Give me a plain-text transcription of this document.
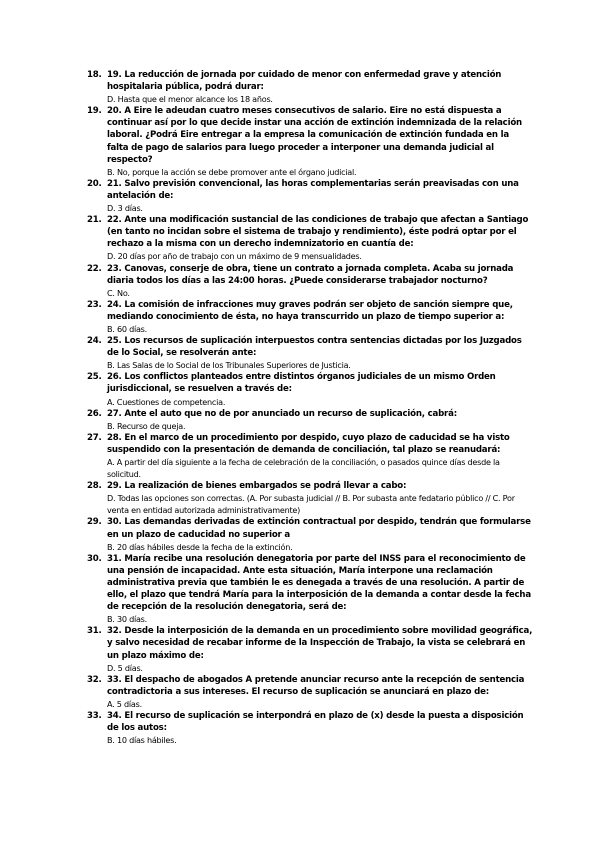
18. 19. La reducción de jornada por cuidado de menor con enfermedad grave y atención hospitalaria pública, podrá durar:

D. Hasta que el menor alcance los 18 años.

19. 20. A Eire le adeudan cuatro meses consecutivos de salario. Eire no está dispuesta a continuar así por lo que decide instar una acción de extinción indemnizada de la relación laboral. ¿Podrá Eire entregar a la empresa la comunicación de extinción fundada en la falta de pago de salarios para luego proceder a interponer una demanda judicial al respecto?

B. No, porque la acción se debe promover ante el órgano judicial.

20. 21. Salvo previsión convencional, las horas complementarias serán preavisadas con una antelación de:

D. 3 días.

21. 22. Ante una modificación sustancial de las condiciones de trabajo que afectan a Santiago (en tanto no incidan sobre el sistema de trabajo y rendimiento), éste podrá optar por el rechazo a la misma con un derecho indemnizatorio en cuantía de:

D. 20 días por año de trabajo con un máximo de 9 mensualidades.

22. 23. Canovas, conserje de obra, tiene un contrato a jornada completa. Acaba su jornada diaria todos los días a las 24:00 horas. ¿Puede considerarse trabajador nocturno?

C. No.

23. 24. La comisión de infracciones muy graves podrán ser objeto de sanción siempre que, mediando conocimiento de ésta, no haya transcurrido un plazo de tiempo superior a:

B. 60 días.

24. 25. Los recursos de suplicación interpuestos contra sentencias dictadas por los Juzgados de lo Social, se resolverán ante:

B. Las Salas de lo Social de los Tribunales Superiores de Justicia.

25. 26. Los conflictos planteados entre distintos órganos judiciales de un mismo Orden jurisdiccional, se resuelven a través de:

A. Cuestiones de competencia.

26. 27. Ante el auto que no de por anunciado un recurso de suplicación, cabrá:

B. Recurso de queja.

27. 28. En el marco de un procedimiento por despido, cuyo plazo de caducidad se ha visto suspendido con la presentación de demanda de conciliación, tal plazo se reanudará:

A. A partir del día siguiente a la fecha de celebración de la conciliación, o pasados quince días desde la solicitud.

28. 29. La realización de bienes embargados se podrá llevar a cabo:

D. Todas las opciones son correctas. (A. Por subasta judicial // B. Por subasta ante fedatario público // C. Por venta en entidad autorizada administrativamente)

29. 30. Las demandas derivadas de extinción contractual por despido, tendrán que formularse en un plazo de caducidad no superior a

B. 20 días hábiles desde la fecha de la extinción.

30. 31. María recibe una resolución denegatoria por parte del INSS para el reconocimiento de una pensión de incapacidad. Ante esta situación, María interpone una reclamación administrativa previa que también le es denegada a través de una resolución. A partir de ello, el plazo que tendrá María para la interposición de la demanda a contar desde la fecha de recepción de la resolución denegatoria, será de:

B. 30 días.

31. 32. Desde la interposición de la demanda en un procedimiento sobre movilidad geográfica, y salvo necesidad de recabar informe de la Inspección de Trabajo, la vista se celebrará en un plazo máximo de:

D. 5 días.

32. 33. El despacho de abogados A pretende anunciar recurso ante la recepción de sentencia contradictoria a sus intereses. El recurso de suplicación se anunciará en plazo de:

A. 5 días.

33. 34. El recurso de suplicación se interpondrá en plazo de (x) desde la puesta a disposición de los autos:

B. 10 días hábiles.
